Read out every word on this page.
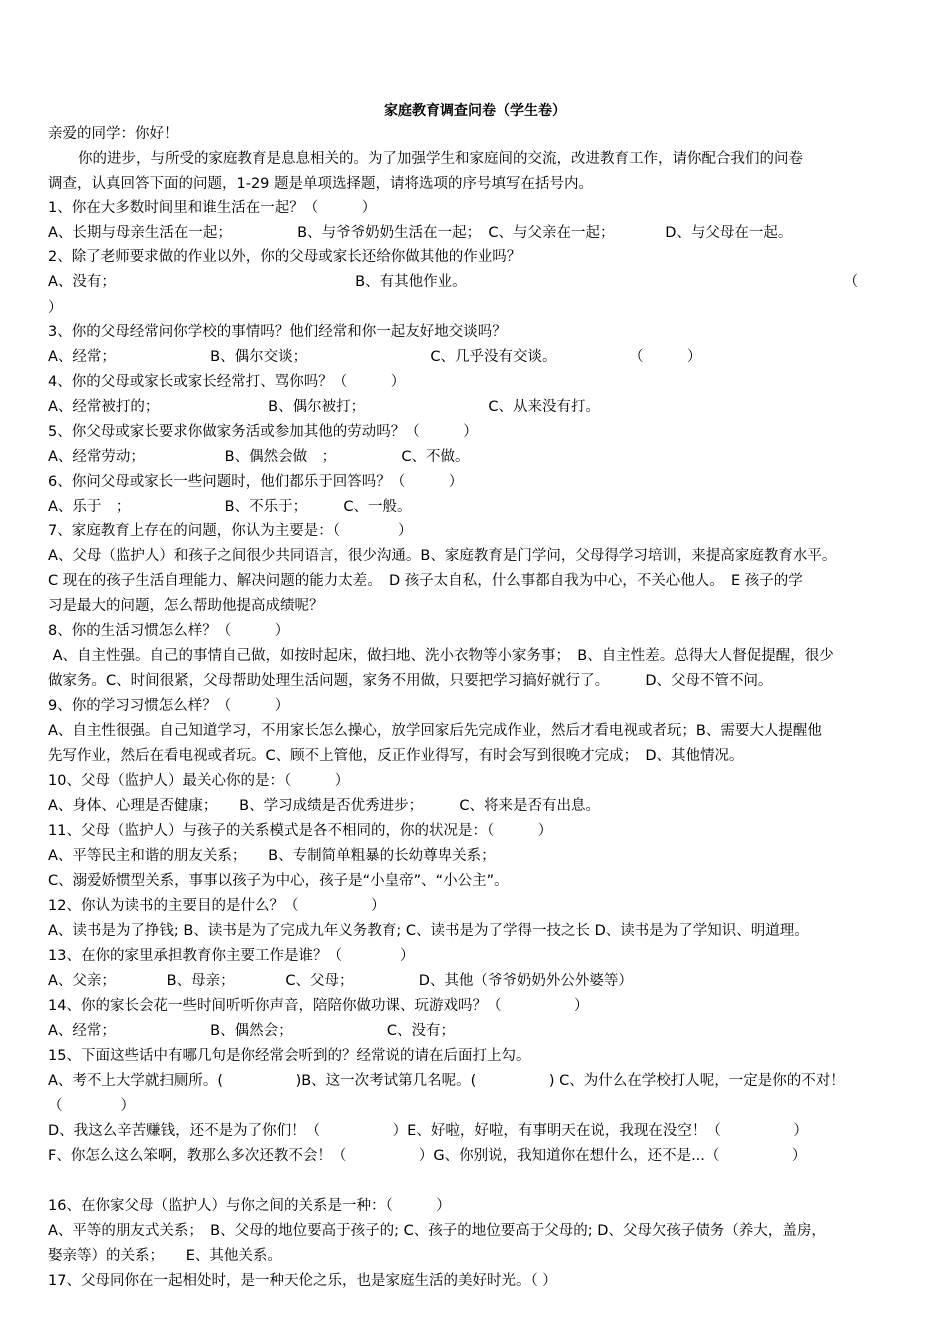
家庭教育调查问卷（学生卷）
亲爱的同学：你好！
你的进步，与所受的家庭教育是息息相关的。为了加强学生和家庭间的交流，改进教育工作，请你配合我们的问卷
调查，认真回答下面的问题，1-29 题是单项选择题，请将选项的序号填写在括号内。
1、你在大多数时间里和谁生活在一起？（　　　）
A、长期与母亲生活在一起；　　　　　B、与爷爷奶奶生活在一起；　C、与父亲在一起；　　　　D、与父母在一起。
2、除了老师要求做的作业以外，你的父母或家长还给你做其他的作业吗？
A、没有；　　　　　　　　　　　　　　　　　B、有其他作业。　　　　　　　　　　　　　　　　　　　　　　　　　　　（
）
3、你的父母经常问你学校的事情吗？他们经常和你一起友好地交谈吗？
A、经常；　　　　　　　B、偶尔交谈；　　　　　　　　　C、几乎没有交谈。　　　　　　（　　　）
4、你的父母或家长或家长经常打、骂你吗？（　　　）
A、经常被打的；　　　　　　　　B、偶尔被打；　　　　　　　　　C、从来没有打。
5、你父母或家长要求你做家务活或参加其他的劳动吗？（　　　）
A、经常劳动；　　　　　　B、偶然会做　；　　　　　C、不做。
6、你问父母或家长一些问题时，他们都乐于回答吗？（　　　）
A、乐于　；　　　　　　　B、不乐于；　　　C、一般。
7、家庭教育上存在的问题，你认为主要是：（　　　　）
A、父母（监护人）和孩子之间很少共同语言，很少沟通。B、家庭教育是门学问，父母得学习培训，来提高家庭教育水平。
C 现在的孩子生活自理能力、解决问题的能力太差。　D 孩子太自私，什么事都自我为中心，不关心他人。　E 孩子的学
习是最大的问题，怎么帮助他提高成绩呢？
8、你的生活习惯怎么样？（　　　）
A、自主性强。自己的事情自己做，如按时起床，做扫地、洗小衣物等小家务事；　B、自主性差。总得大人督促提醒，很少
做家务。C、时间很紧，父母帮助处理生活问题，家务不用做，只要把学习搞好就行了。　　　D、父母不管不问。
9、你的学习习惯怎么样？（　　　）
A、自主性很强。自己知道学习，不用家长怎么操心，放学回家后先完成作业，然后才看电视或者玩；B、需要大人提醒他
先写作业，然后在看电视或者玩。C、顾不上管他，反正作业得写，有时会写到很晚才完成；　D、其他情况。
10、父母（监护人）最关心你的是：（　　　）
A、身体、心理是否健康；　　B、学习成绩是否优秀进步；　　　C、将来是否有出息。
11、父母（监护人）与孩子的关系模式是各不相同的，你的状况是：（　　　）
A、平等民主和谐的朋友关系；　　B、专制简单粗暴的长幼尊卑关系；
C、溺爱娇惯型关系，事事以孩子为中心，孩子是“小皇帝”、“小公主”。
12、你认为读书的主要目的是什么？（　　　　　）
A、读书是为了挣钱; B、读书是为了完成九年义务教育; C、读书是为了学得一技之长 D、读书是为了学知识、明道理。
13、在你的家里承担教育你主要工作是谁？（　　　　）
A、父亲；　　　　B、母亲；　　　　C、父母；　　　　　D、其他（爷爷奶奶外公外婆等）
14、你的家长会花一些时间听听你声音，陪陪你做功课、玩游戏吗？（　　　　　）
A、经常；　　　　　　　B、偶然会；　　　　　　　C、没有；
15、下面这些话中有哪几句是你经常会听到的？经常说的请在后面打上勾。
A、考不上大学就扫厕所。(　　　　　)B、这一次考试第几名呢。(　　　　　) C、为什么在学校打人呢，一定是你的不对！
（　　　　）
D、我这么辛苦赚钱，还不是为了你们！（　　　　　）E、好啦，好啦，有事明天在说，我现在没空！（　　　　　）
F、你怎么这么笨啊，教那么多次还教不会！（　　　　　）G、你别说，我知道你在想什么，还不是...（　　　　　）
16、在你家父母（监护人）与你之间的关系是一种：（　　　）
A、平等的朋友式关系；　B、父母的地位要高于孩子的; C、孩子的地位要高于父母的; D、父母欠孩子债务（养大，盖房，
娶亲等）的关系；　　E、其他关系。
17、父母同你在一起相处时，是一种天伦之乐，也是家庭生活的美好时光。（ ）
